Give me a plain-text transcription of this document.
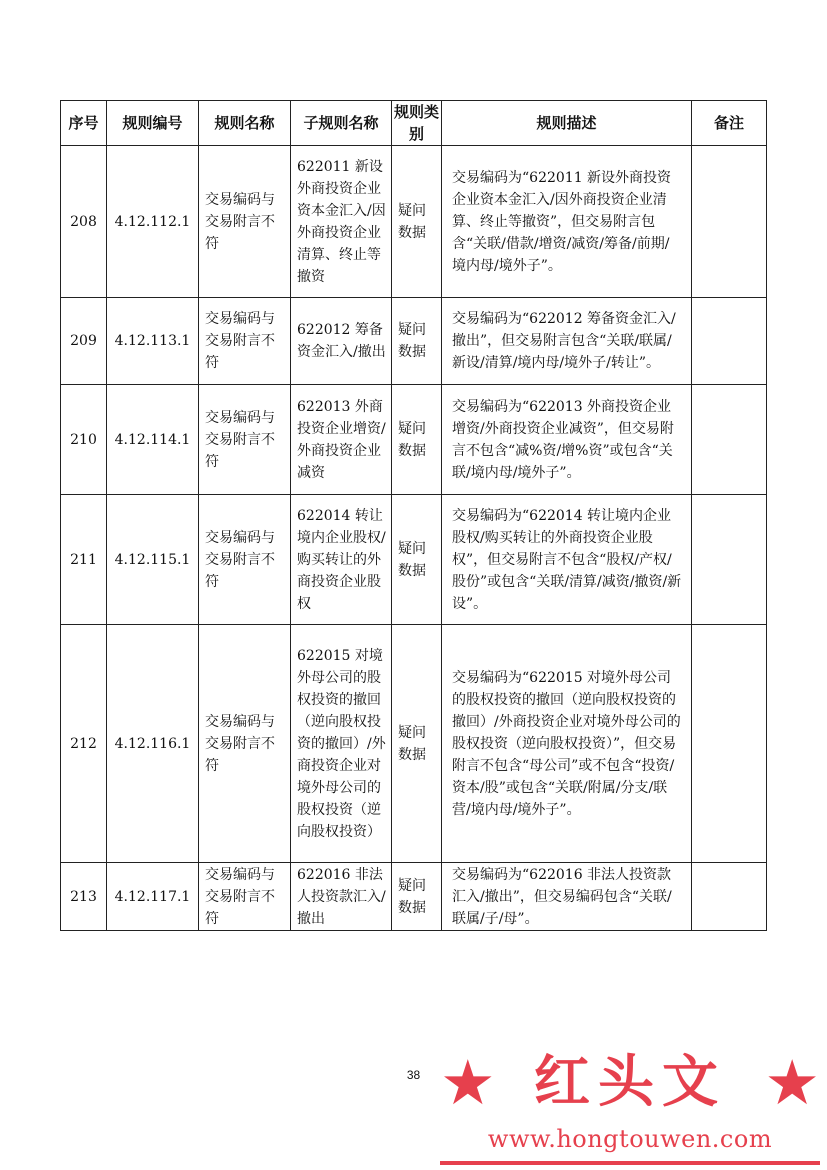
序号	规则编号	规则名称	子规则名称	规则类别	规则描述	备注
208	4.12.112.1	交易编码与交易附言不符	622011 新设外商投资企业资本金汇入/因外商投资企业清算、终止等撤资	疑问数据	交易编码为“622011 新设外商投资企业资本金汇入/因外商投资企业清算、终止等撤资”，但交易附言包含“关联/借款/增资/减资/筹备/前期/境内母/境外子”。	
209	4.12.113.1	交易编码与交易附言不符	622012 筹备资金汇入/撤出	疑问数据	交易编码为“622012 筹备资金汇入/撤出”，但交易附言包含“关联/联属/新设/清算/境内母/境外子/转让”。	
210	4.12.114.1	交易编码与交易附言不符	622013 外商投资企业增资/外商投资企业减资	疑问数据	交易编码为“622013 外商投资企业增资/外商投资企业减资”，但交易附言不包含“减%资/增%资”或包含“关联/境内母/境外子”。	
211	4.12.115.1	交易编码与交易附言不符	622014 转让境内企业股权/购买转让的外商投资企业股权	疑问数据	交易编码为“622014 转让境内企业股权/购买转让的外商投资企业股权”，但交易附言不包含“股权/产权/股份”或包含“关联/清算/减资/撤资/新设”。	
212	4.12.116.1	交易编码与交易附言不符	622015 对境外母公司的股权投资的撤回（逆向股权投资的撤回）/外商投资企业对境外母公司的股权投资（逆向股权投资）	疑问数据	交易编码为“622015 对境外母公司的股权投资的撤回（逆向股权投资的撤回）/外商投资企业对境外母公司的股权投资（逆向股权投资）”，但交易附言不包含“母公司”或不包含“投资/资本/股”或包含“关联/附属/分支/联营/境内母/境外子”。	
213	4.12.117.1	交易编码与交易附言不符	622016 非法人投资款汇入/撤出	疑问数据	交易编码为“622016 非法人投资款汇入/撤出”，但交易编码包含“关联/联属/子/母”。	
38 ★ 红头文 ★
www.hongtouwen.com
